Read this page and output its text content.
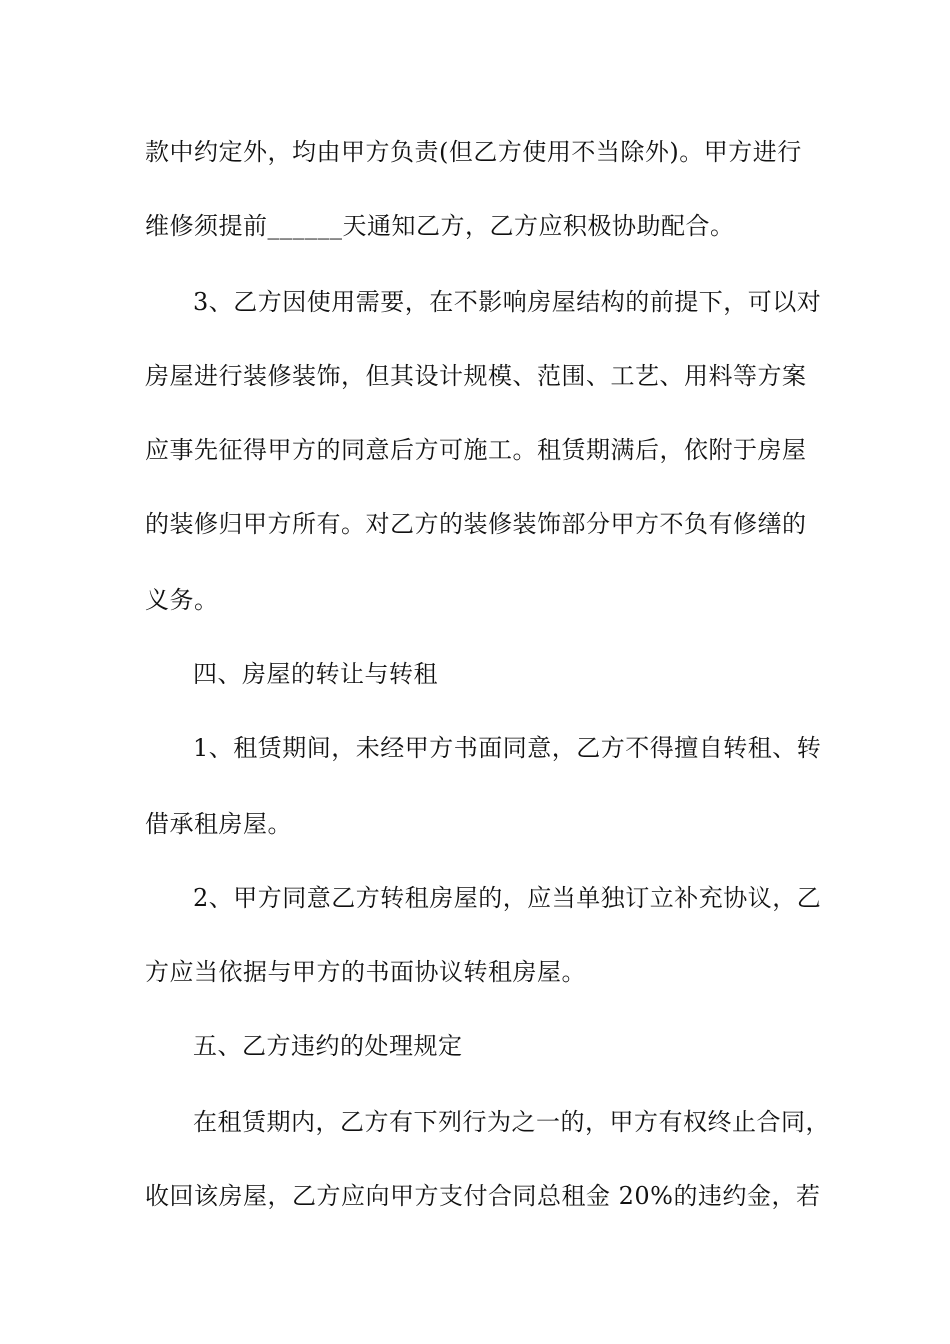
款中约定外，均由甲方负责(但乙方使用不当除外)。甲方进行
维修须提前______天通知乙方，乙方应积极协助配合。
3、乙方因使用需要，在不影响房屋结构的前提下，可以对
房屋进行装修装饰，但其设计规模、范围、工艺、用料等方案
应事先征得甲方的同意后方可施工。租赁期满后，依附于房屋
的装修归甲方所有。对乙方的装修装饰部分甲方不负有修缮的
义务。
四、房屋的转让与转租
1、租赁期间，未经甲方书面同意，乙方不得擅自转租、转
借承租房屋。
2、甲方同意乙方转租房屋的，应当单独订立补充协议，乙
方应当依据与甲方的书面协议转租房屋。
五、乙方违约的处理规定
在租赁期内，乙方有下列行为之一的，甲方有权终止合同，
收回该房屋，乙方应向甲方支付合同总租金 20%的违约金，若
